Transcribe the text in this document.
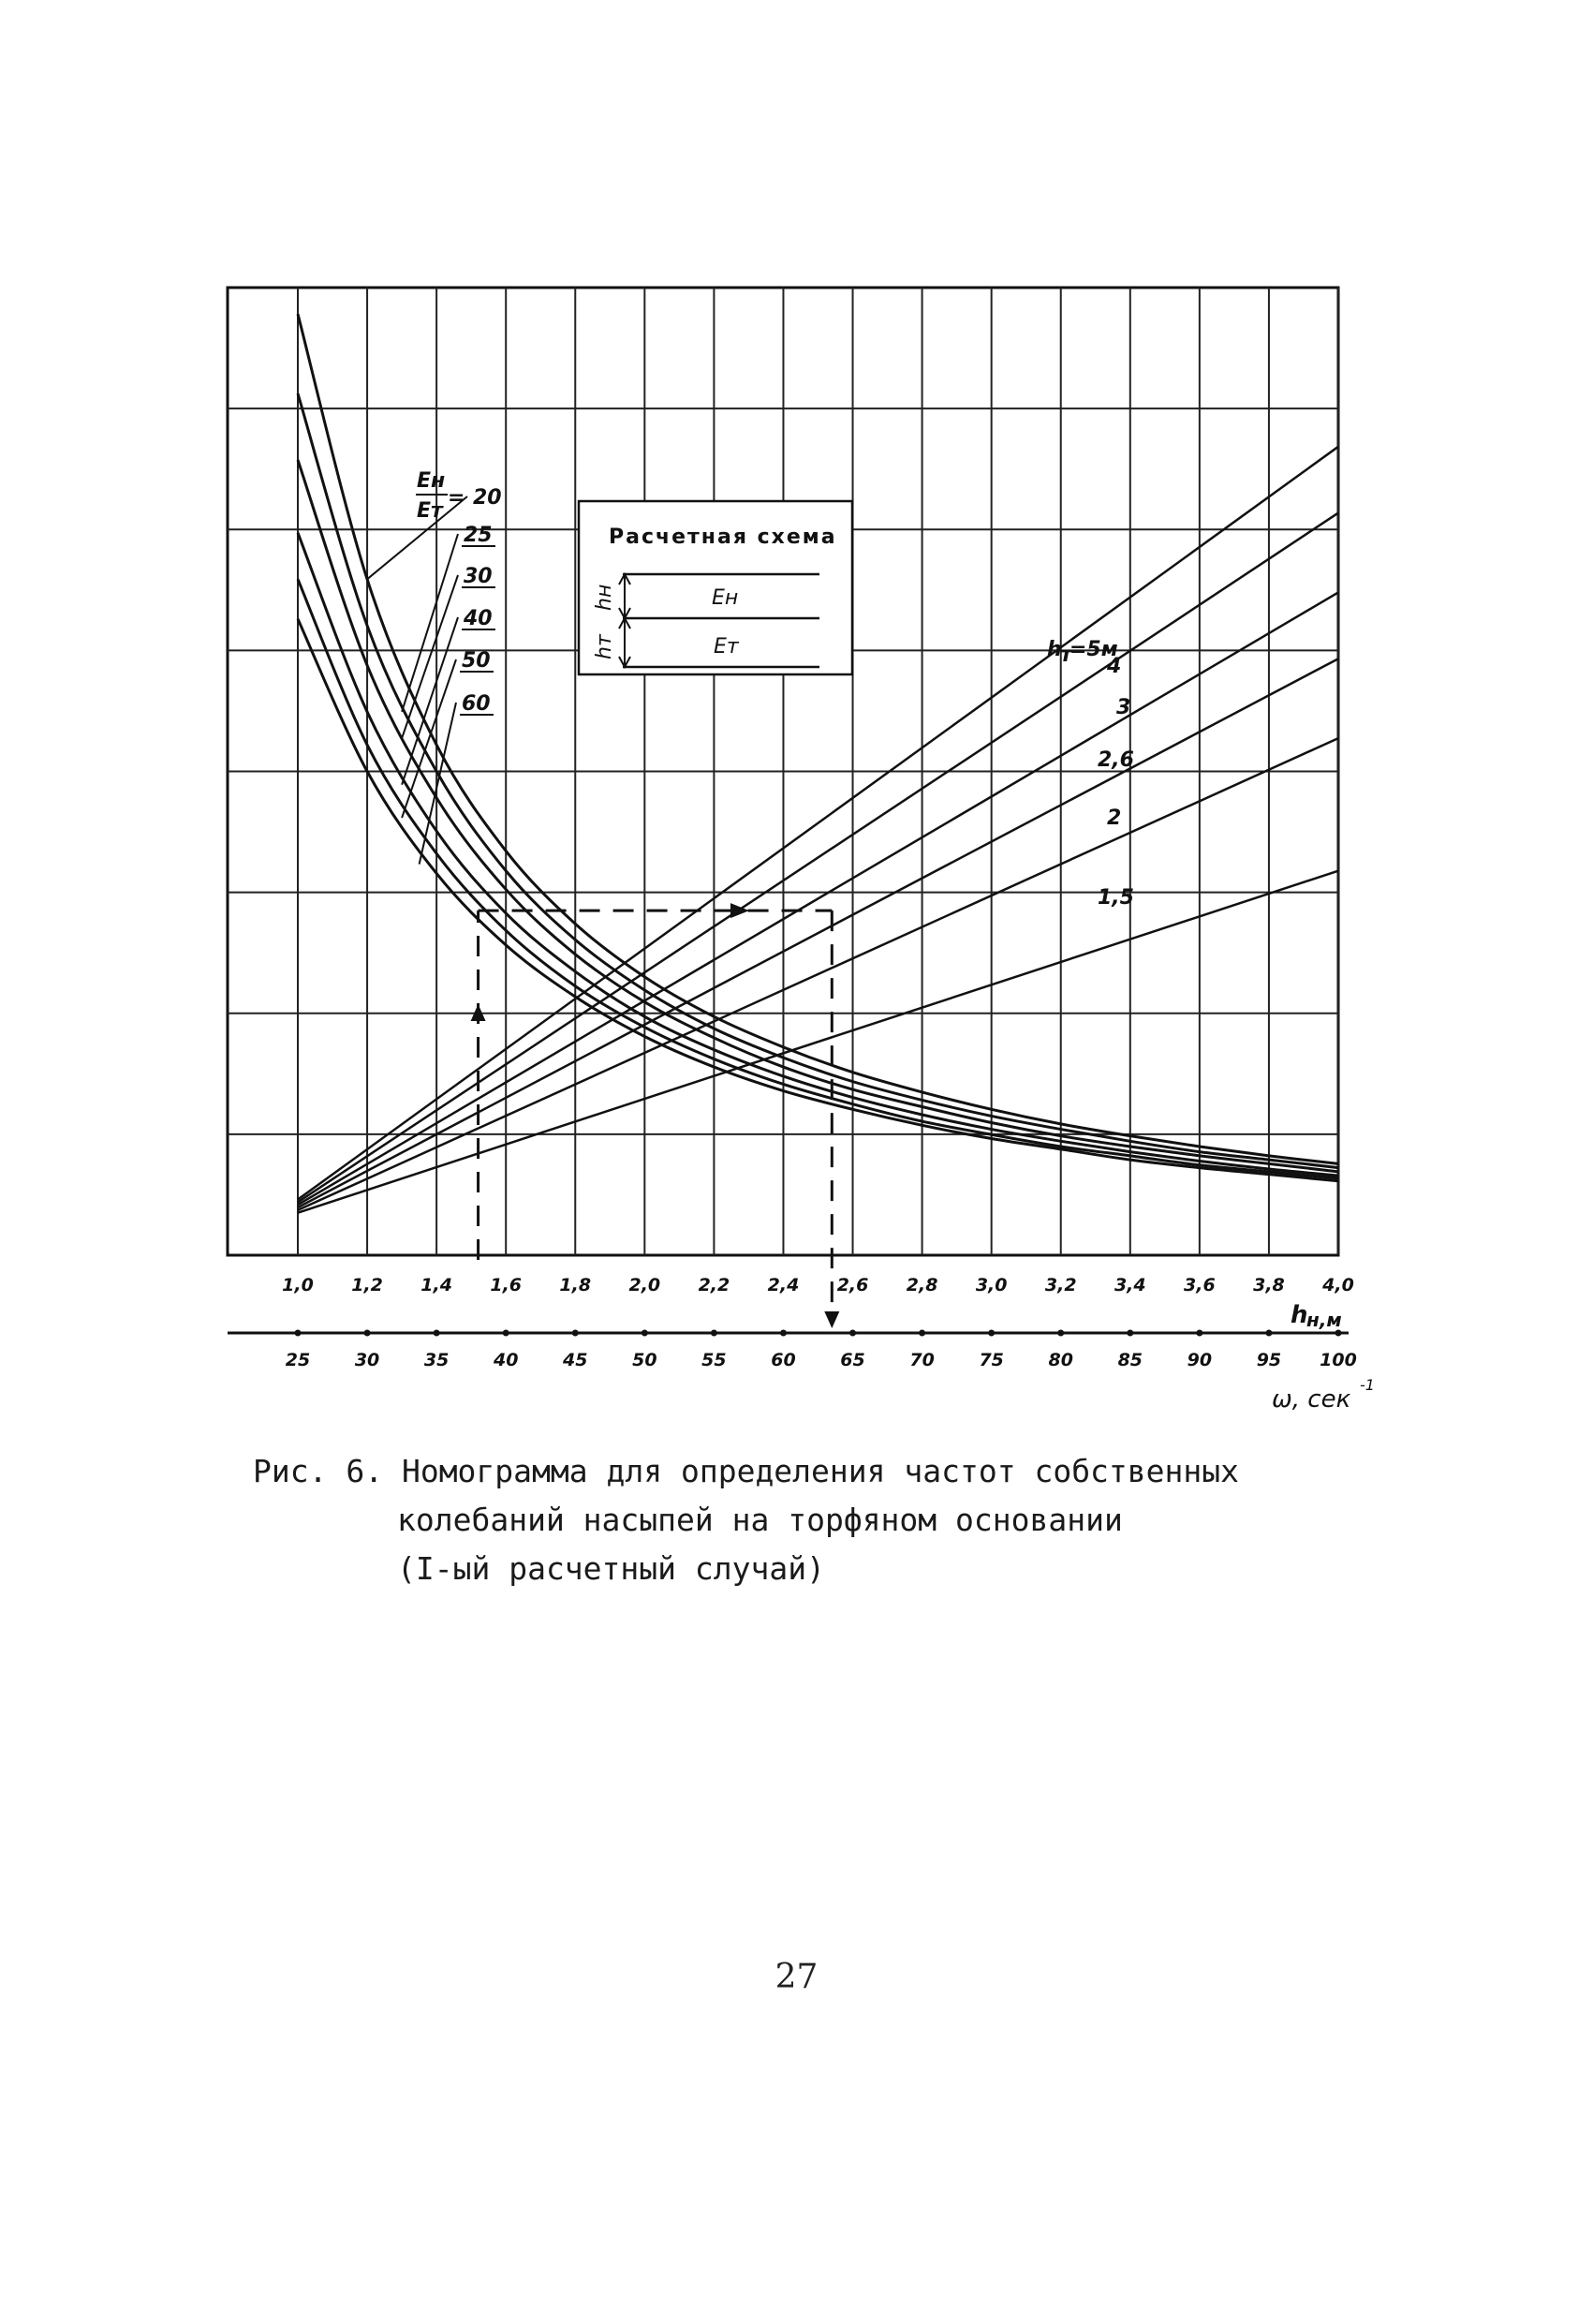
1,0 1,2 1,4 1,6 1,8 2,0 2,2 2,4 2,6 2,8 3,0 3,2 3,4 3,6 3,8 4,0
25	30	35	40	45	50	55	60	65	70	75	80	85	90	95 100
20
25
30
40
50
60
h
т
=5м
4
3
2,6
2
1,5
Pасчетная схема
hн
hт
Eн
Eт
Eн
Eт
=
h
н,м
ω, сек
-1
Рис. 6. Номограмма для определения частот собственных
колебаний насыпей на торфяном основании
(I-ый расчетный случай)
27
